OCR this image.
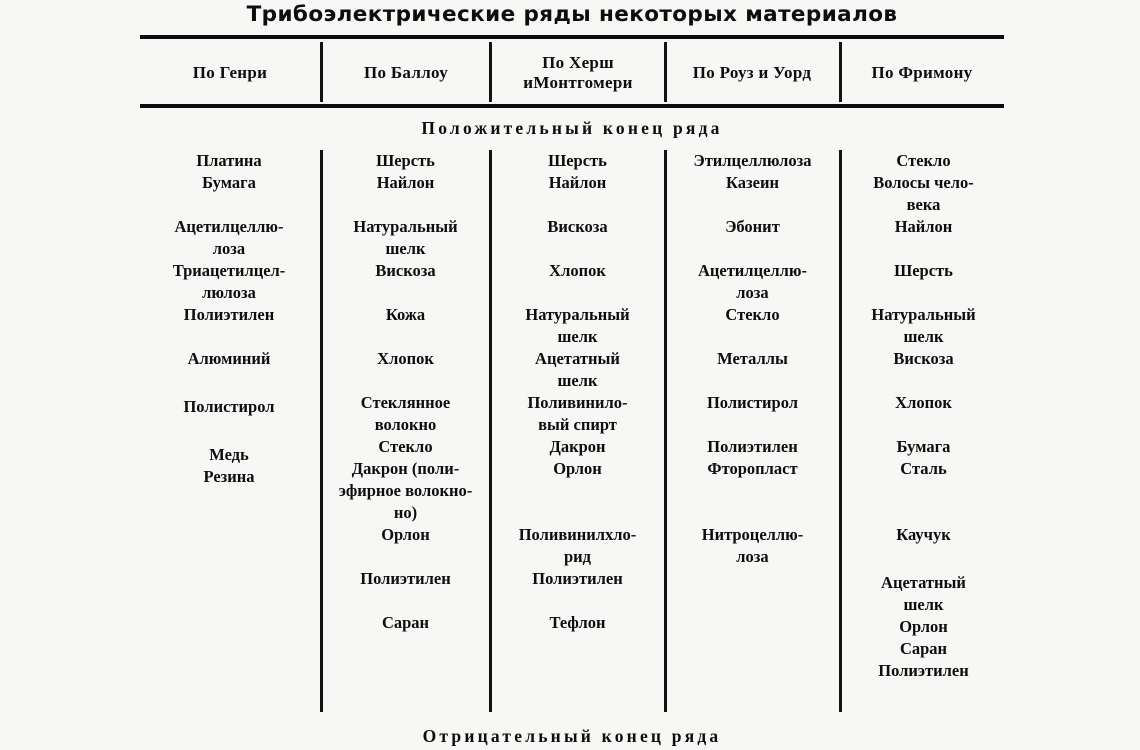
Трибоэлектрические ряды некоторых материалов
По Генри	По Баллоу
По Херш иМонтгомери
По Роуз и Уорд	По Фримону
Положительный конец ряда
Платина
Бумага
Ацетилцеллю-
лоза
Триацетилцел-
люлоза
Полиэтилен
Алюминий
Полистирол
Медь
Резина
Шерсть
Найлон
Натуральный
шелк
Вискоза
Кожа
Хлопок
Стеклянное
волокно
Стекло
Дакрон (поли-
эфирное волокно-
но)
Орлон
Полиэтилен
Саран
Шерсть
Найлон
Вискоза
Хлопок
Натуральный
шелк
Ацетатный
шелк
Поливинило-
вый спирт
Дакрон
Орлон
Поливинилхло-
рид
Полиэтилен
Тефлон
Этилцеллюлоза
Казеин
Эбонит
Ацетилцеллю-
лоза
Стекло
Металлы
Полистирол
Полиэтилен
Фторопласт
Нитроцеллю-
лоза
Стекло
Волосы чело-
века
Найлон
Шерсть
Натуральный
шелк
Вискоза
Хлопок
Бумага
Сталь
Каучук
Ацетатный
шелк
Орлон
Саран
Полиэтилен
Отрицательный конец ряда
